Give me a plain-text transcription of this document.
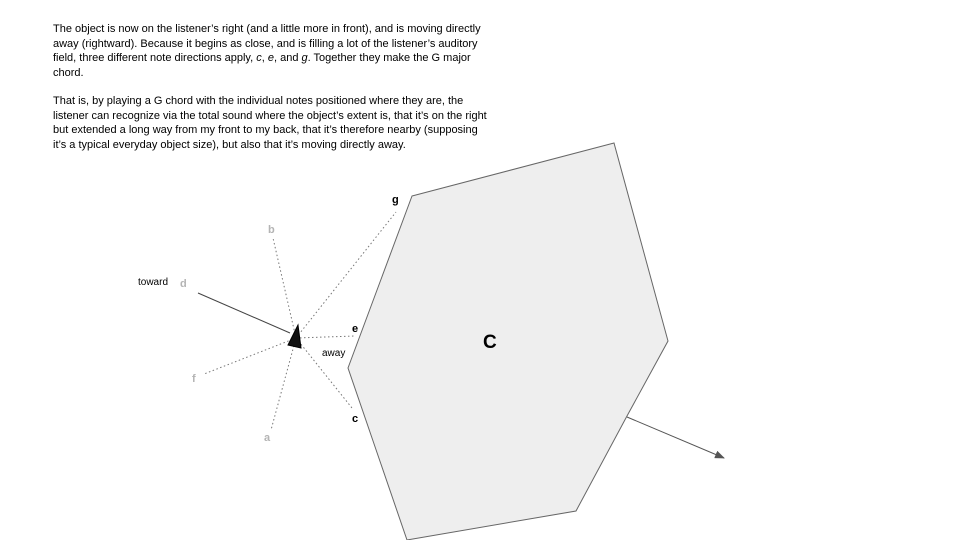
The object is now on the listener’s right (and a little more in front), and is moving directly away (rightward). Because it begins as close, and is filling a lot of the listener’s auditory field, three different note directions apply, c, e, and g. Together they make the G major chord.

That is, by playing a G chord with the individual notes positioned where they are, the listener can recognize via the total sound where the object’s extent is, that it’s on the right but extended a long way from my front to my back, that it’s therefore nearby (supposing it’s a typical everyday object size), but also that it’s moving directly away.

g
b
d
e
f
c
a
toward
away
C
